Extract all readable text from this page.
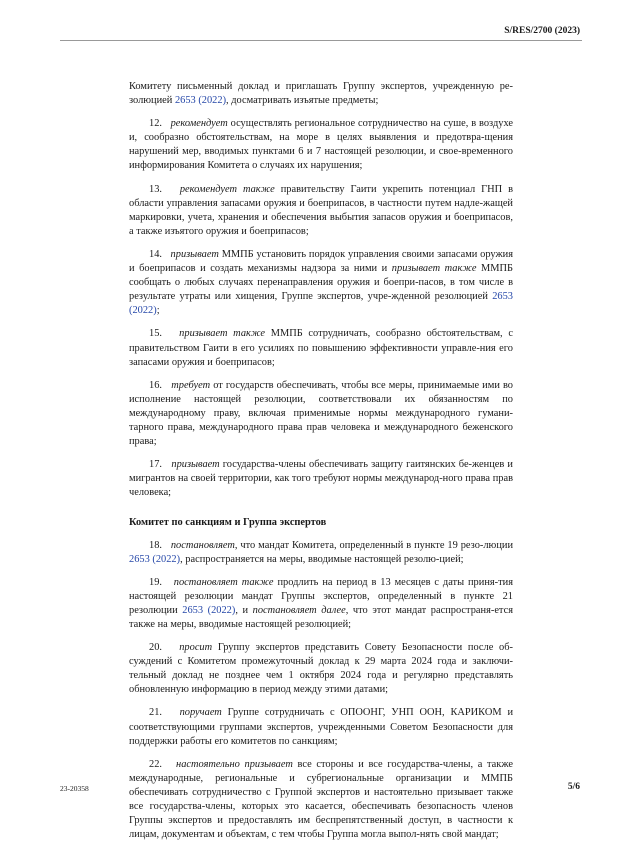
S/RES/2700 (2023)

Комитету письменный доклад и приглашать Группу экспертов, учрежденную ре-золюцией 2653 (2022), досматривать изъятые предметы;

12. рекомендует осуществлять региональное сотрудничество на суше, в воздухе и, сообразно обстоятельствам, на море в целях выявления и предотвра-щения нарушений мер, вводимых пунктами 6 и 7 настоящей резолюции, и свое-временного информирования Комитета о случаях их нарушения;

13. рекомендует также правительству Гаити укрепить потенциал ГНП в области управления запасами оружия и боеприпасов, в частности путем надле-жащей маркировки, учета, хранения и обеспечения выбытия запасов оружия и боеприпасов, а также изъятого оружия и боеприпасов;

14. призывает ММПБ установить порядок управления своими запасами оружия и боеприпасов и создать механизмы надзора за ними и призывает также ММПБ сообщать о любых случаях перенаправления оружия и боепри-пасов, в том числе в результате утраты или хищения, Группе экспертов, учре-жденной резолюцией 2653 (2022);

15. призывает также ММПБ сотрудничать, сообразно обстоятельствам, с правительством Гаити в его усилиях по повышению эффективности управле-ния его запасами оружия и боеприпасов;

16. требует от государств обеспечивать, чтобы все меры, принимаемые ими во исполнение настоящей резолюции, соответствовали их обязанностям по международному праву, включая применимые нормы международного гумани-тарного права, международного права прав человека и международного беженского права;

17. призывает государства-члены обеспечивать защиту гаитянских бе-женцев и мигрантов на своей территории, как того требуют нормы международ-ного права прав человека;

Комитет по санкциям и Группа экспертов

18. постановляет, что мандат Комитета, определенный в пункте 19 резо-люции 2653 (2022), распространяется на меры, вводимые настоящей резолю-цией;

19. постановляет также продлить на период в 13 месяцев с даты приня-тия настоящей резолюции мандат Группы экспертов, определенный в пункте 21 резолюции 2653 (2022), и постановляет далее, что этот мандат распространя-ется также на меры, вводимые настоящей резолюцией;

20. просит Группу экспертов представить Совету Безопасности после об-суждений с Комитетом промежуточный доклад к 29 марта 2024 года и заключи-тельный доклад не позднее чем 1 октября 2024 года и регулярно представлять обновленную информацию в период между этими датами;

21. поручает Группе сотрудничать с ОПООНГ, УНП ООН, КАРИКОМ и соответствующими группами экспертов, учрежденными Советом Безопасности для поддержки работы его комитетов по санкциям;

22. настоятельно призывает все стороны и все государства-члены, а также международные, региональные и субрегиональные организации и ММПБ обеспечивать сотрудничество с Группой экспертов и настоятельно призывает также все государства-члены, которых это касается, обеспечивать безопасность членов Группы экспертов и предоставлять им беспрепятственный доступ, в частности к лицам, документам и объектам, с тем чтобы Группа могла выпол-нять свой мандат;

23-20358	5/6
